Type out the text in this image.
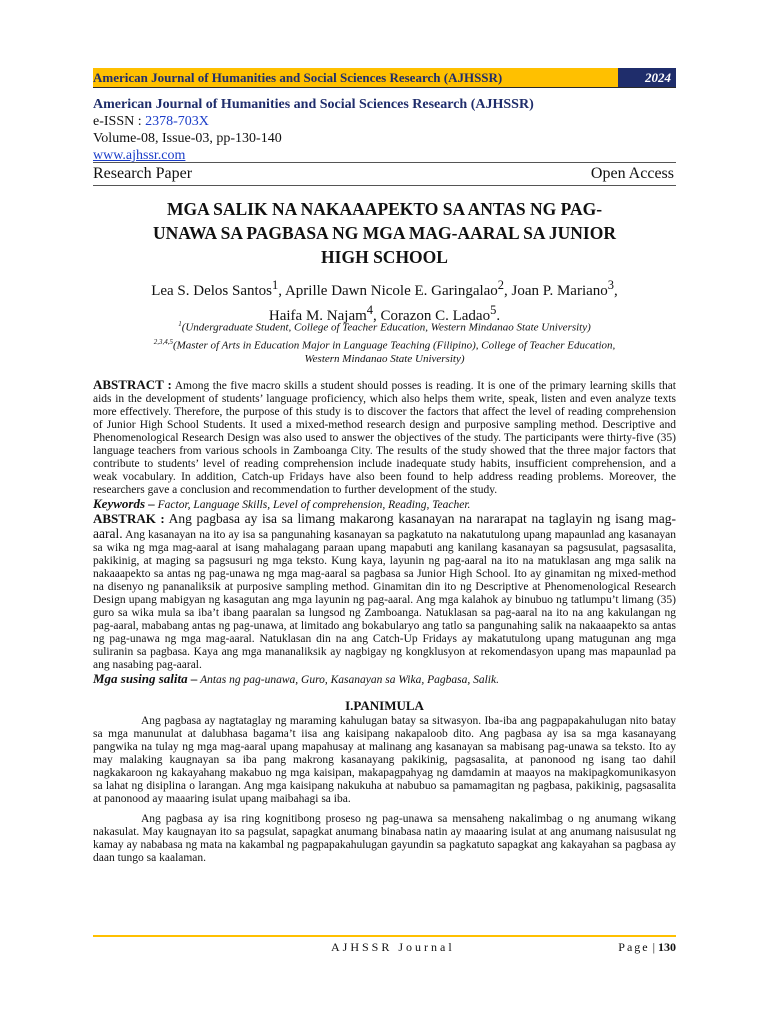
American Journal of Humanities and Social Sciences Research (AJHSSR)	2024
American Journal of Humanities and Social Sciences Research (AJHSSR)
e-ISSN : 2378-703X
Volume-08, Issue-03, pp-130-140
www.ajhssr.com
Research Paper	Open Access
MGA SALIK NA NAKAAAPEKTO SA ANTAS NG PAG-
UNAWA SA PAGBASA NG MGA MAG-AARAL SA JUNIOR
HIGH SCHOOL
Lea S. Delos Santos$^1$, Aprille Dawn Nicole E. Garingalao$^2$, Joan P. Mariano$^3$,
Haifa M. Najam$^4$, Corazon C. Ladao$^5$.
$^1$(Undergraduate Student, College of Teacher Education, Western Mindanao State University)
$^{2,3,4,5}$(Master of Arts in Education Major in Language Teaching (Filipino), College of Teacher Education,
Western Mindanao State University)

ABSTRACT : Among the five macro skills a student should posses is reading. It is one of the primary learning skills that aids in the development of students’ language proficiency, which also helps them write, speak, listen and even analyze texts more effectively. Therefore, the purpose of this study is to discover the factors that affect the level of reading comprehension of Junior High School Students. It used a mixed-method research design and purposive sampling method. Descriptive and Phenomenological Research Design was also used to answer the objectives of the study. The participants were thirty-five (35) language teachers from various schools in Zamboanga City. The results of the study showed that the three major factors that contribute to students’ level of reading comprehension include inadequate study habits, insufficient comprehension, and a weak vocabulary. In addition, Catch-up Fridays have also been found to help address reading problems. Moreover, the researchers gave a conclusion and recommendation to further development of the study.

Keywords – Factor, Language Skills, Level of comprehension, Reading, Teacher.

ABSTRAK : Ang pagbasa ay isa sa limang makarong kasanayan na nararapat na taglayin ng isang mag-aaral. Ang kasanayan na ito ay isa sa pangunahing kasanayan sa pagkatuto na nakatutulong upang mapaunlad ang kasanayan sa wika ng mga mag-aaral at isang mahalagang paraan upang mapabuti ang kanilang kasanayan sa pagsusulat, pagsasalita, pakikinig, at maging sa pagsusuri ng mga teksto. Kung kaya, layunin ng pag-aaral na ito na matuklasan ang mga salik na nakaaapekto sa antas ng pag-unawa ng mga mag-aaral sa pagbasa sa Junior High School. Ito ay ginamitan ng mixed-method na disenyo ng pananaliksik at purposive sampling method. Ginamitan din ito ng Descriptive at Phenomenological Research Design upang mabigyan ng kasagutan ang mga layunin ng pag-aaral. Ang mga kalahok ay binubuo ng tatlumpu’t limang (35) guro sa wika mula sa iba’t ibang paaralan sa lungsod ng Zamboanga. Natuklasan sa pag-aaral na ito na ang kakulangan ng pag-aaral, mababang antas ng pag-unawa, at limitado ang bokabularyo ang tatlo sa pangunahing salik na nakaaapekto sa antas ng pag-unawa ng mga mag-aaral. Natuklasan din na ang Catch-Up Fridays ay makatutulong upang matugunan ang mga suliranin sa pagbasa. Kaya ang mga mananaliksik ay nagbigay ng kongklusyon at rekomendasyon upang mas mapaunlad pa ang nasabing pag-aaral.

Mga susing salita – Antas ng pag-unawa, Guro, Kasanayan sa Wika, Pagbasa, Salik.

I.PANIMULA

Ang pagbasa ay nagtataglay ng maraming kahulugan batay sa sitwasyon. Iba-iba ang pagpapakahulugan nito batay sa mga manunulat at dalubhasa bagama’t iisa ang kaisipang nakapaloob dito. Ang pagbasa ay isa sa mga kasanayang pangwika na tulay ng mga mag-aaral upang mapahusay at malinang ang kasanayan sa mabisang pag-unawa sa teksto. Ito ay may malaking kaugnayan sa iba pang makrong kasanayang pakikinig, pagsasalita, at panonood ng isang tao dahil nagkakaroon ng kakayahang makabuo ng mga kaisipan, makapagpahyag ng damdamin at maayos na makipagkomunikasyon sa lahat ng disiplina o larangan. Ang mga kaisipang nakukuha at nabubuo sa pamamagitan ng pagbasa, pakikinig, pagsasalita at panonood ay maaaring isulat upang maibahagi sa iba.

Ang pagbasa ay isa ring kognitibong proseso ng pag-unawa sa mensaheng nakalimbag o ng anumang wikang nakasulat. May kaugnayan ito sa pagsulat, sapagkat anumang binabasa natin ay maaaring isulat at ang anumang naisusulat ng kamay ay nababasa ng mata na kakambal ng pagpapakahulugan gayundin sa pagkatuto sapagkat ang kakayahan sa pagbasa ay daan tungo sa kaalaman.

AJHSSR Journal	Page | 130
